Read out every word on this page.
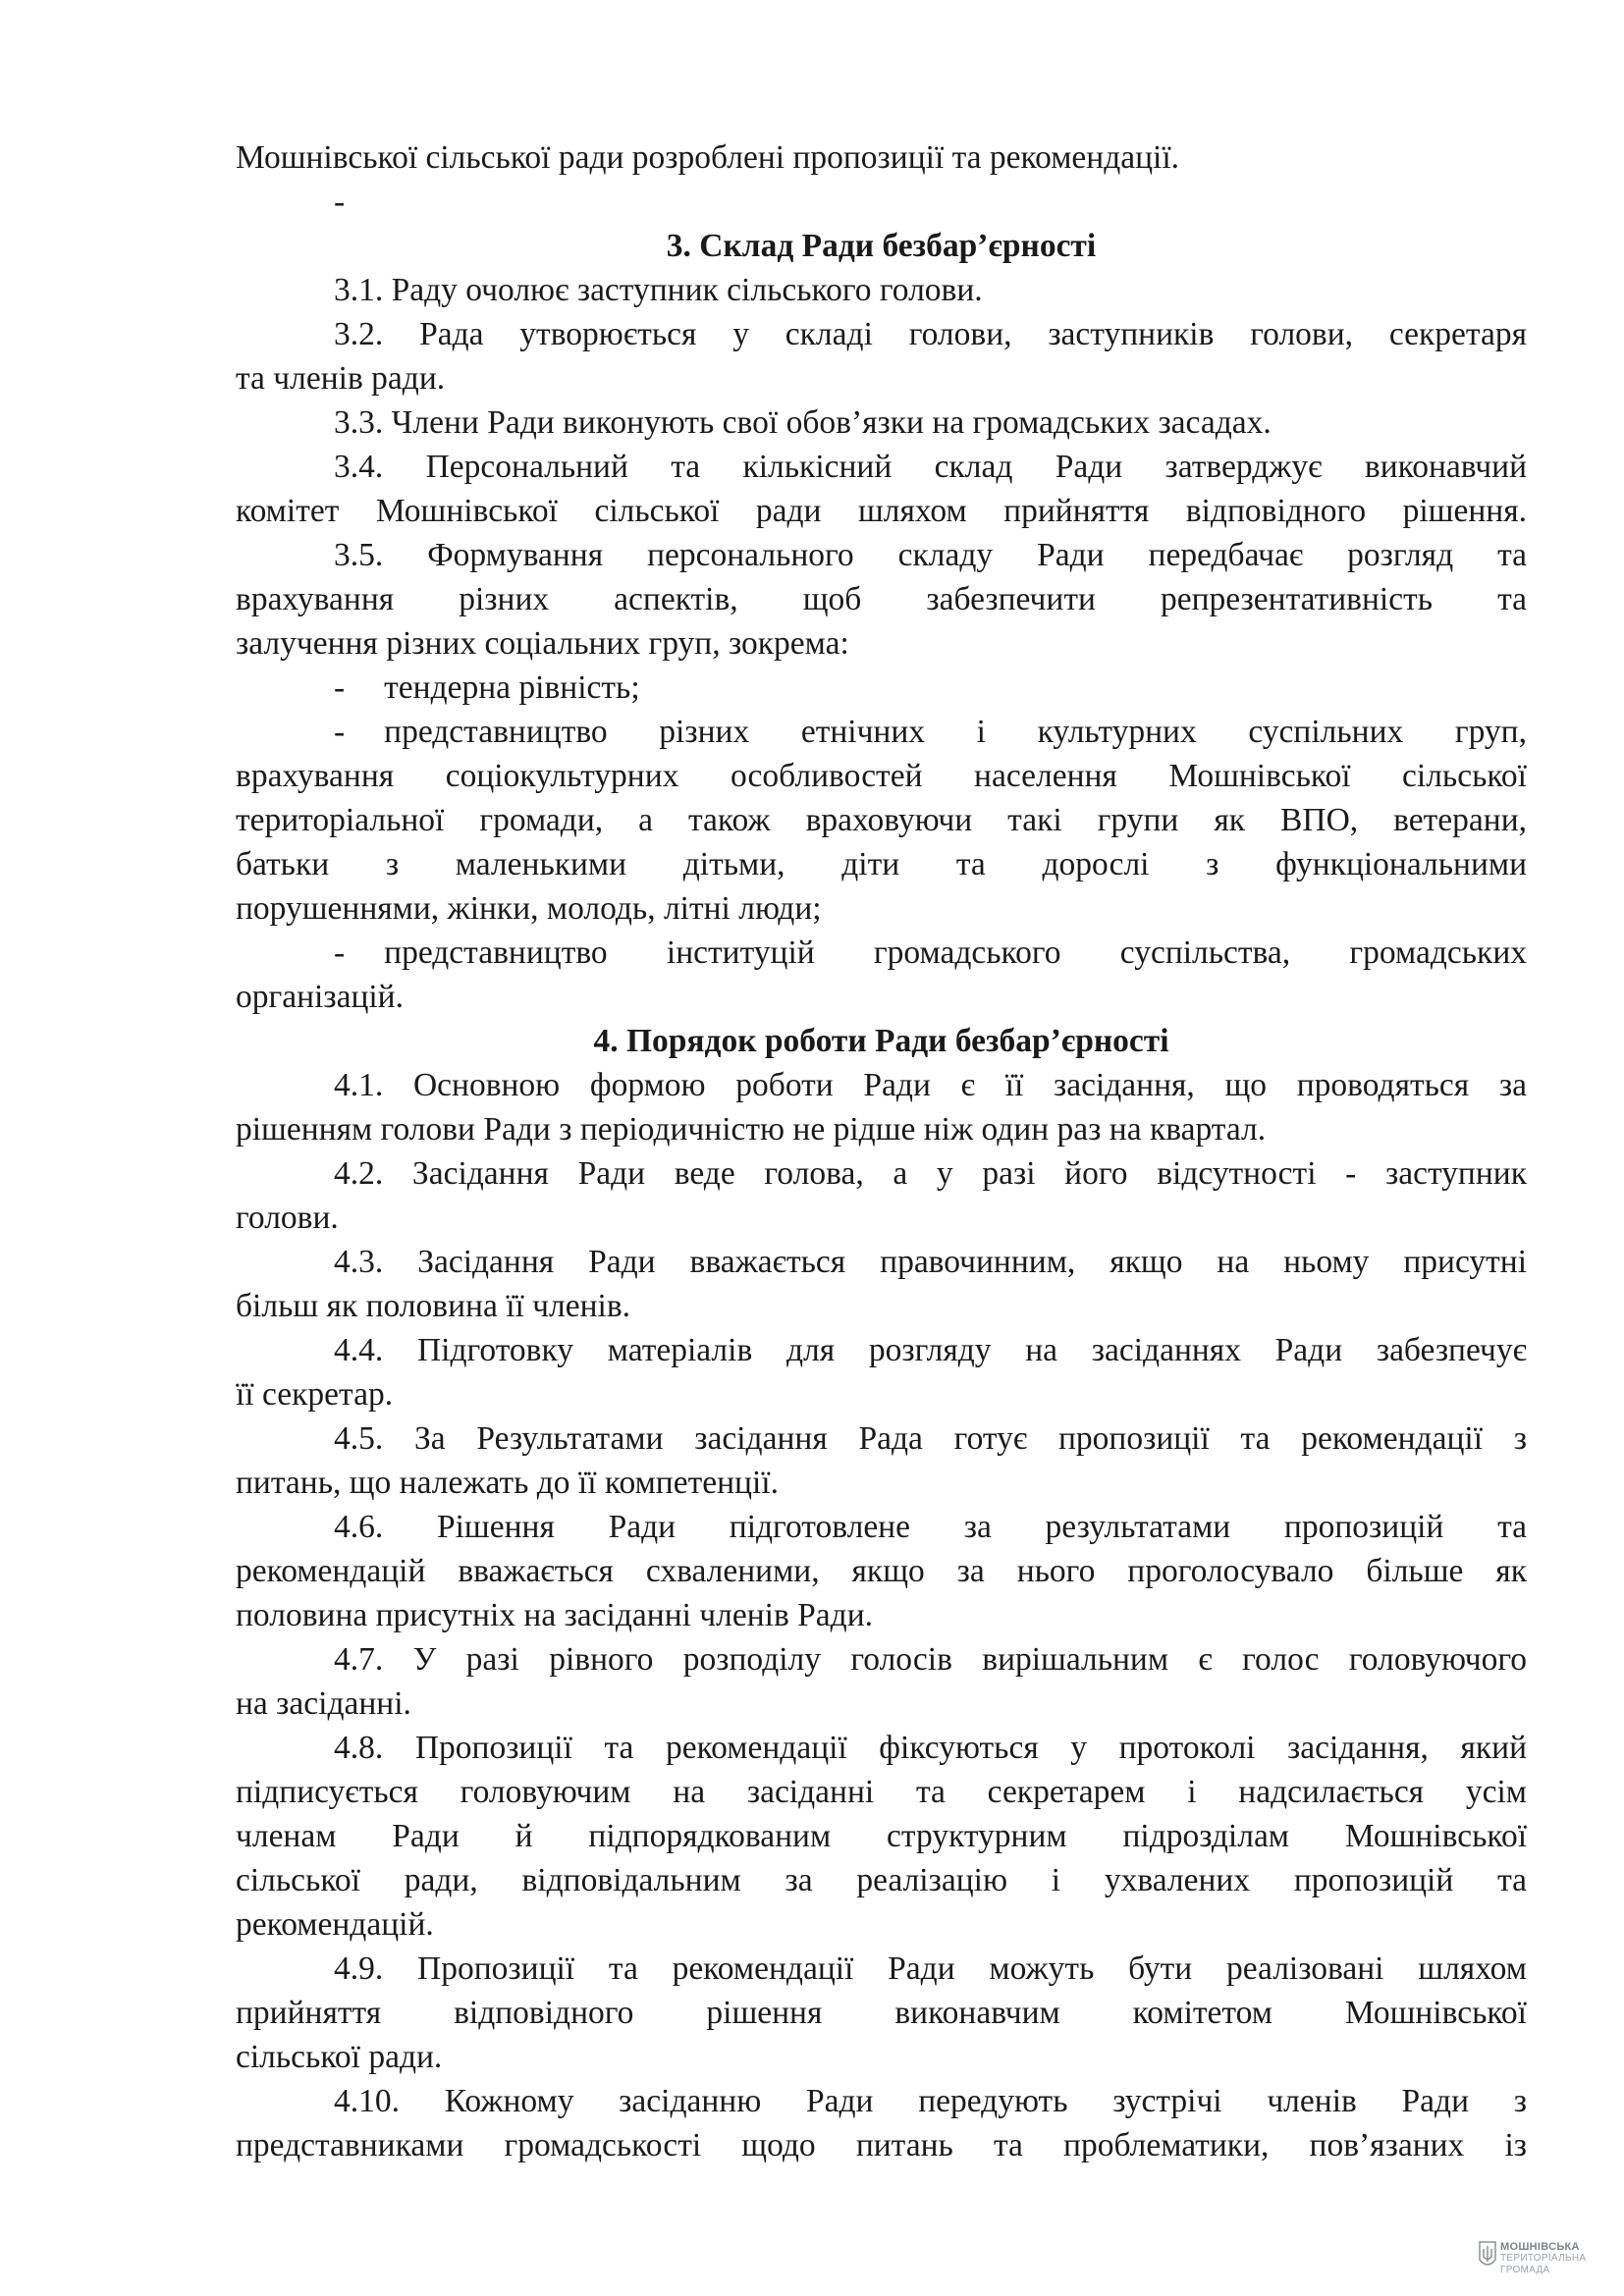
Мошнівської сільської ради розроблені пропозиції та рекомендації.
-
3. Склад Ради безбар’єрності
3.1. Раду очолює заступник сільського голови.
3.2. Рада утворюється у складі голови, заступників голови, секретаря
та членів ради.
3.3. Члени Ради виконують свої обов’язки на громадських засадах.
3.4. Персональний та кількісний склад Ради затверджує виконавчий
комітет Мошнівської сільської ради шляхом прийняття відповідного рішення.
3.5. Формування персонального складу Ради передбачає розгляд та
врахування різних аспектів, щоб забезпечити репрезентативність та
залучення різних соціальних груп, зокрема:
- тендерна рівність;
- представництво різних етнічних і культурних суспільних груп,
врахування соціокультурних особливостей населення Мошнівської сільської
територіальної громади, а також враховуючи такі групи як ВПО, ветерани,
батьки з маленькими дітьми, діти та дорослі з функціональними
порушеннями, жінки, молодь, літні люди;
- представництво інституцій громадського суспільства, громадських
організацій.
4. Порядок роботи Ради безбар’єрності
4.1. Основною формою роботи Ради є її засідання, що проводяться за
рішенням голови Ради з періодичністю не рідше ніж один раз на квартал.
4.2. Засідання Ради веде голова, а у разі його відсутності - заступник
голови.
4.3. Засідання Ради вважається правочинним, якщо на ньому присутні
більш як половина її членів.
4.4. Підготовку матеріалів для розгляду на засіданнях Ради забезпечує
її секретар.
4.5. За Результатами засідання Рада готує пропозиції та рекомендації з
питань, що належать до її компетенції.
4.6. Рішення Ради підготовлене за результатами пропозицій та
рекомендацій вважається схваленими, якщо за нього проголосувало більше як
половина присутніх на засіданні членів Ради.
4.7. У разі рівного розподілу голосів вирішальним є голос головуючого
на засіданні.
4.8. Пропозиції та рекомендації фіксуються у протоколі засідання, який
підписується головуючим на засіданні та секретарем і надсилається усім
членам Ради й підпорядкованим структурним підрозділам Мошнівської
сільської ради, відповідальним за реалізацію і ухвалених пропозицій та
рекомендацій.
4.9. Пропозиції та рекомендації Ради можуть бути реалізовані шляхом
прийняття відповідного рішення виконавчим комітетом Мошнівської
сільської ради.
4.10. Кожному засіданню Ради передують зустрічі членів Ради з
представниками громадськості щодо питань та проблематики, пов’язаних із
МОШНІВСЬКА
ТЕРИТОРІАЛЬНА
ГРОМАДА
